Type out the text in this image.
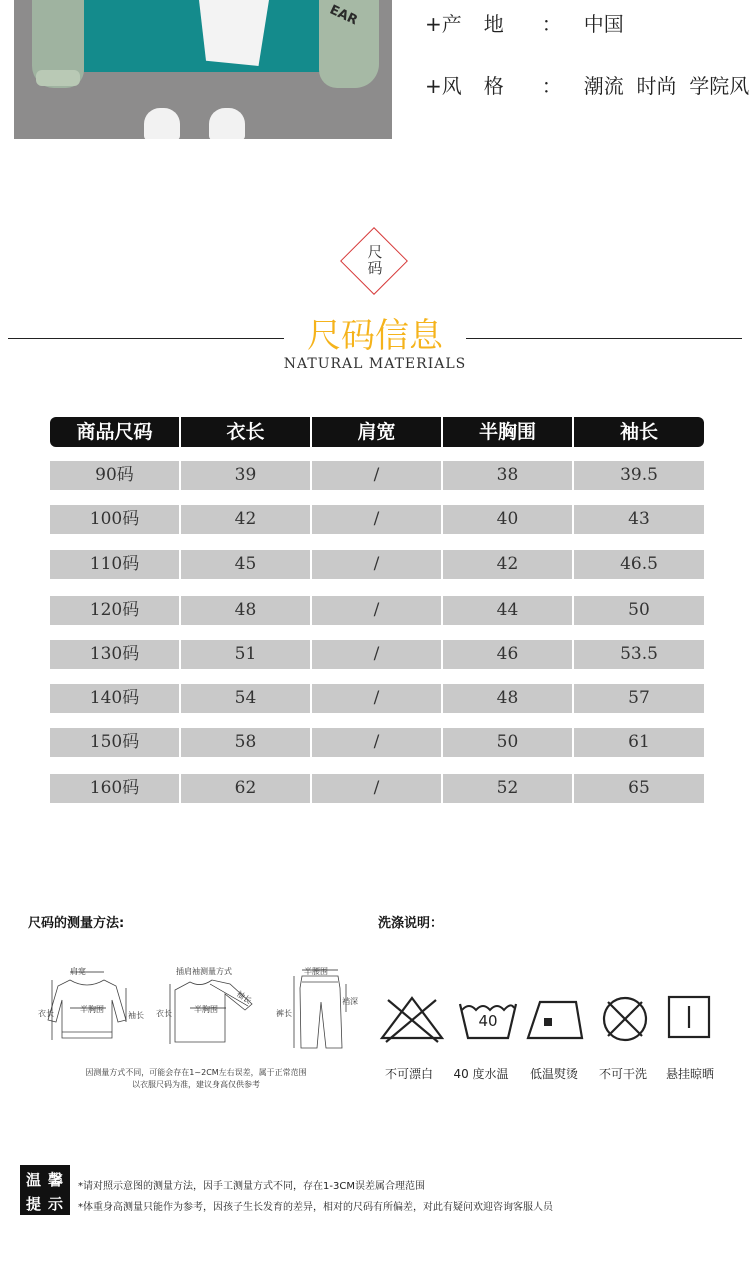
EAR	+产地 ： 中国
+风格 ： 潮流  时尚  学院风
尺
码
尺码信息
NATURAL MATERIALS
商品尺码	衣长	肩宽	半胸围	袖长
90码	39	/	38	39.5
100码	42	/	40	43
110码	45	/	42	46.5
120码	48	/	44	50
130码	51	/	46	53.5
140码	54	/	48	57
150码	58	/	50	61
160码	62	/	52	65
尺码的测量方法:
肩宽
衣长	半胸围
袖长
插肩袖测量方式
衣长	半胸围
袖长
半腰围
裤长
裆深
因测量方式不同，可能会存在1~2CM左右误差，属于正常范围
以衣服尺码为准，建议身高仅供参考
洗涤说明：
40
不可漂白	40 度水温	低温熨烫	不可干洗	悬挂晾晒
温 馨
提 示
*请对照示意图的测量方法，因手工测量方式不同，存在1-3CM误差属合理范围
*体重身高测量只能作为参考，因孩子生长发育的差异，相对的尺码有所偏差，对此有疑问欢迎咨询客服人员
